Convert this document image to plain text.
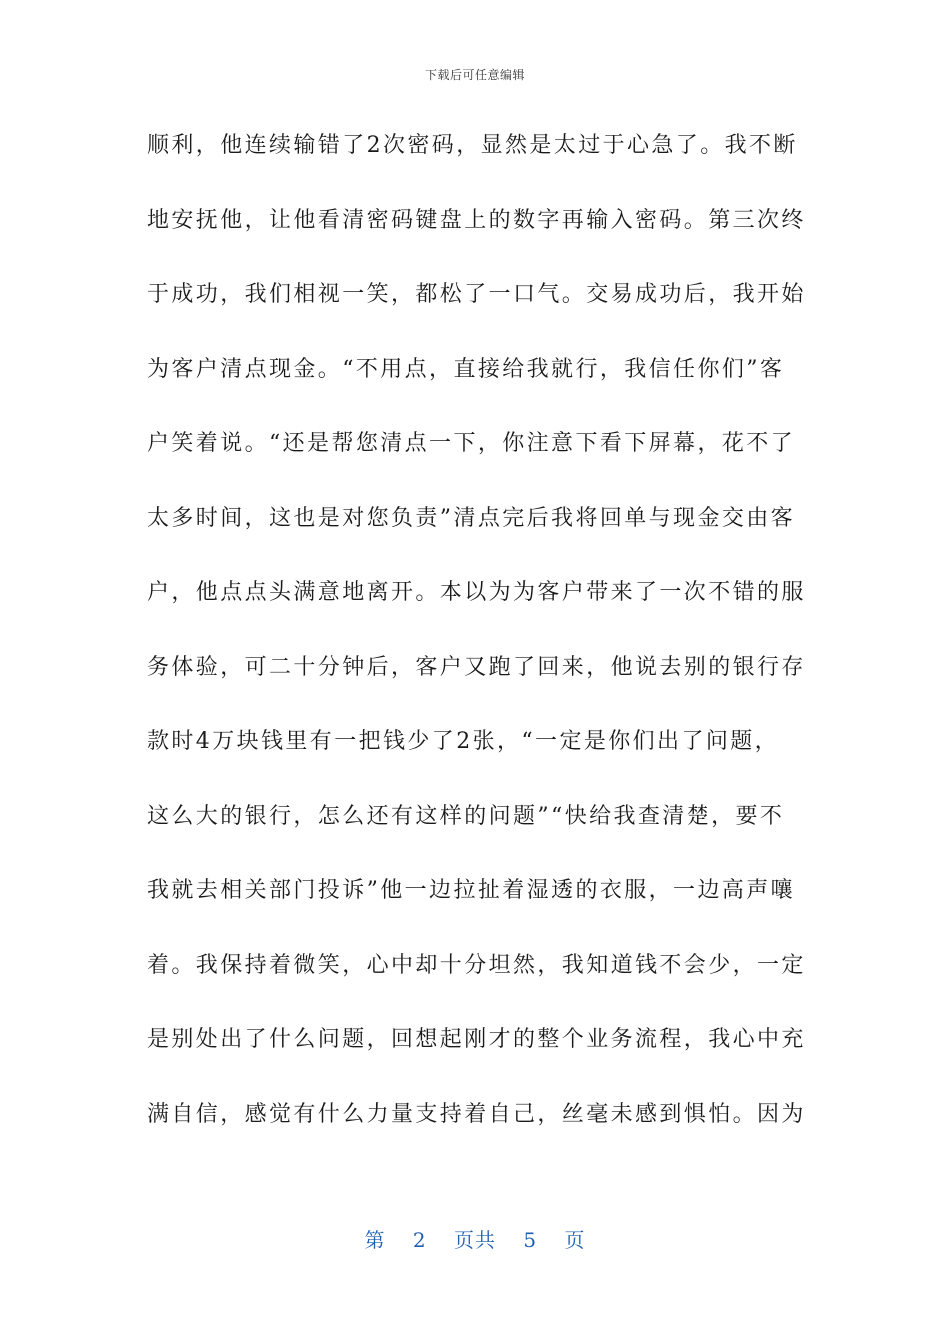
下载后可任意编辑
顺利，他连续输错了2次密码，显然是太过于心急了。我不断
地安抚他，让他看清密码键盘上的数字再输入密码。第三次终
于成功，我们相视一笑，都松了一口气。交易成功后，我开始
为客户清点现金。“不用点，直接给我就行，我信任你们”客
户笑着说。“还是帮您清点一下，你注意下看下屏幕，花不了
太多时间，这也是对您负责”清点完后我将回单与现金交由客
户，他点点头满意地离开。本以为为客户带来了一次不错的服
务体验，可二十分钟后，客户又跑了回来，他说去别的银行存
款时4万块钱里有一把钱少了2张，“一定是你们出了问题，
这么大的银行，怎么还有这样的问题”“快给我查清楚，要不
我就去相关部门投诉”他一边拉扯着湿透的衣服，一边高声嚷
着。我保持着微笑，心中却十分坦然，我知道钱不会少，一定
是别处出了什么问题，回想起刚才的整个业务流程，我心中充
满自信，感觉有什么力量支持着自己，丝毫未感到惧怕。因为
第 2 页共 5 页
